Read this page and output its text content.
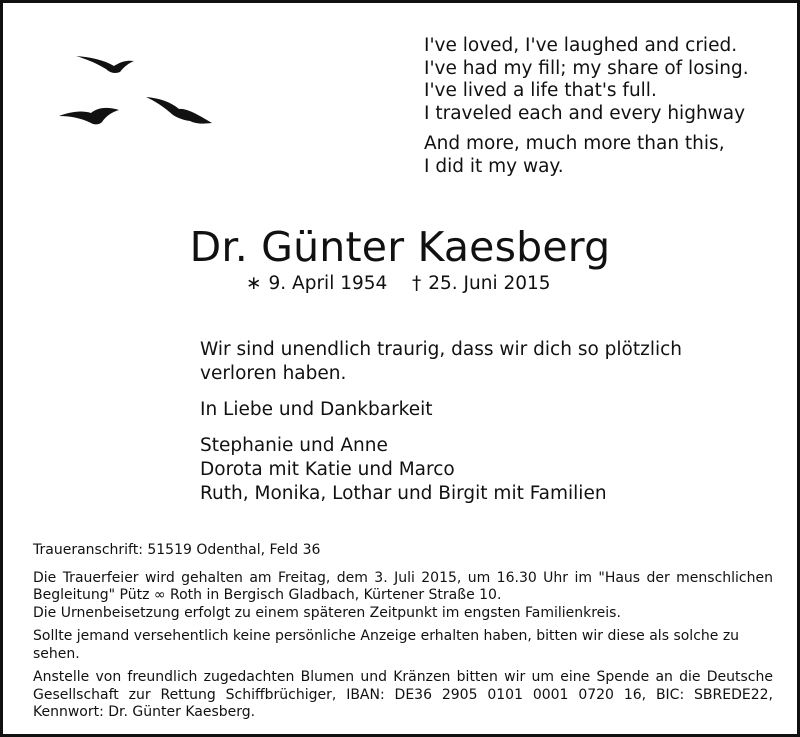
I've loved, I've laughed and cried.
I've had my fill; my share of losing.
I've lived a life that's full.
I traveled each and every highway
And more, much more than this,
I did it my way.
Dr. Günter Kaesberg
∗ 9. April 1954 † 25. Juni 2015
Wir sind unendlich traurig, dass wir dich so plötzlich
verloren haben.
In Liebe und Dankbarkeit
Stephanie und Anne
Dorota mit Katie und Marco
Ruth, Monika, Lothar und Birgit mit Familien

Traueranschrift: 51519 Odenthal, Feld 36

Die Trauerfeier wird gehalten am Freitag, dem 3. Juli 2015, um 16.30 Uhr im "Haus der menschlichen Begleitung" Pütz ∞ Roth in Bergisch Gladbach, Kürtener Straße 10.

Die Urnenbeisetzung erfolgt zu einem späteren Zeitpunkt im engsten Familienkreis.

Sollte jemand versehentlich keine persönliche Anzeige erhalten haben, bitten wir diese als solche zu sehen.

Anstelle von freundlich zugedachten Blumen und Kränzen bitten wir um eine Spende an die Deutsche Gesellschaft zur Rettung Schiffbrüchiger, IBAN: DE36 2905 0101 0001 0720 16, BIC: SBREDE22, Kennwort: Dr. Günter Kaesberg.
